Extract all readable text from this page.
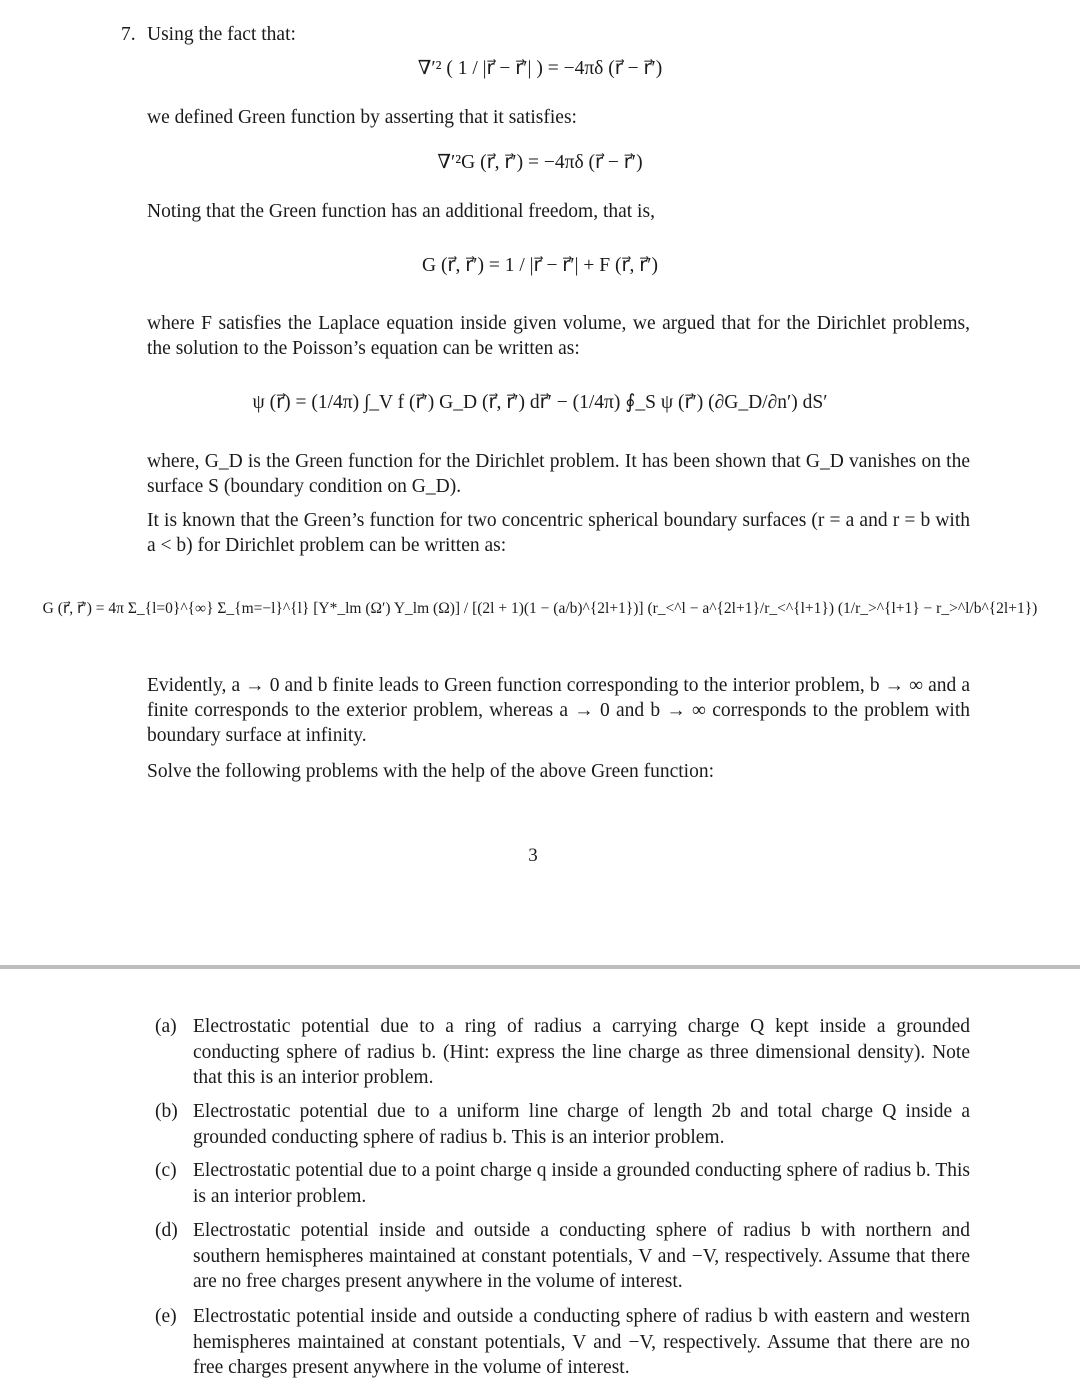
7. Using the fact that:
∇′² ( 1 / |r⃗ − r⃗′| ) = −4πδ (r⃗ − r⃗′)
we defined Green function by asserting that it satisfies:
∇′²G (r⃗, r⃗′) = −4πδ (r⃗ − r⃗′)
Noting that the Green function has an additional freedom, that is,
G (r⃗, r⃗′) = 1 / |r⃗ − r⃗′| + F (r⃗, r⃗′)
where F satisfies the Laplace equation inside given volume, we argued that for the Dirichlet problems, the solution to the Poisson’s equation can be written as:
ψ (r⃗) = (1/4π) ∫_V f (r⃗′) G_D (r⃗, r⃗′) dr⃗′ − (1/4π) ∮_S ψ (r⃗′) (∂G_D/∂n′) dS′
where, G_D is the Green function for the Dirichlet problem. It has been shown that G_D vanishes on the surface S (boundary condition on G_D).
It is known that the Green’s function for two concentric spherical boundary surfaces (r = a and r = b with a < b) for Dirichlet problem can be written as:
G (r⃗, r⃗′) = 4π Σ_{l=0}^{∞} Σ_{m=−l}^{l} [Y*_lm (Ω′) Y_lm (Ω)] / [(2l + 1)(1 − (a/b)^{2l+1})] (r_<^l − a^{2l+1}/r_<^{l+1}) (1/r_>^{l+1} − r_>^l/b^{2l+1})
Evidently, a → 0 and b finite leads to Green function corresponding to the interior problem, b → ∞ and a finite corresponds to the exterior problem, whereas a → 0 and b → ∞ corresponds to the problem with boundary surface at infinity.
Solve the following problems with the help of the above Green function:
3
(a) Electrostatic potential due to a ring of radius a carrying charge Q kept inside a grounded conducting sphere of radius b. (Hint: express the line charge as three dimensional density). Note that this is an interior problem.
(b) Electrostatic potential due to a uniform line charge of length 2b and total charge Q inside a grounded conducting sphere of radius b. This is an interior problem.
(c) Electrostatic potential due to a point charge q inside a grounded conducting sphere of radius b. This is an interior problem.
(d) Electrostatic potential inside and outside a conducting sphere of radius b with northern and southern hemispheres maintained at constant potentials, V and −V, respectively. Assume that there are no free charges present anywhere in the volume of interest.
(e) Electrostatic potential inside and outside a conducting sphere of radius b with eastern and western hemispheres maintained at constant potentials, V and −V, respectively. Assume that there are no free charges present anywhere in the volume of interest.
